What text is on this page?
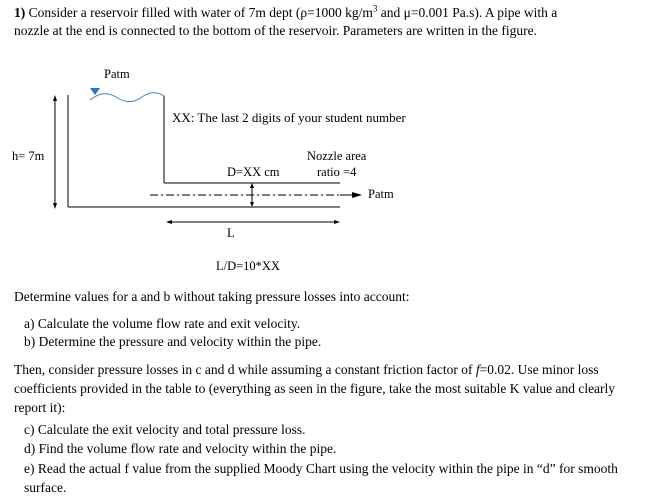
1) Consider a reservoir filled with water of 7m dept (ρ=1000 $kg/m^3$ and μ=0.001 Pa.s). A pipe with a
nozzle at the end is connected to the bottom of the reservoir. Parameters are written in the figure.
Patm
XX: The last 2 digits of your student number
h= 7m	Nozzle area
ratio =4
D=XX cm
Patm
L
L/D=10*XX
Determine values for a and b without taking pressure losses into account:
a) Calculate the volume flow rate and exit velocity.
b) Determine the pressure and velocity within the pipe.
Then, consider pressure losses in c and d while assuming a constant friction factor of f=0.02. Use minor loss coefficients provided in the table to (everything as seen in the figure, take the most suitable K value and clearly report it):
c) Calculate the exit velocity and total pressure loss.
d) Find the volume flow rate and velocity within the pipe.
e) Read the actual f value from the supplied Moody Chart using the velocity within the pipe in “d” for smooth surface.
